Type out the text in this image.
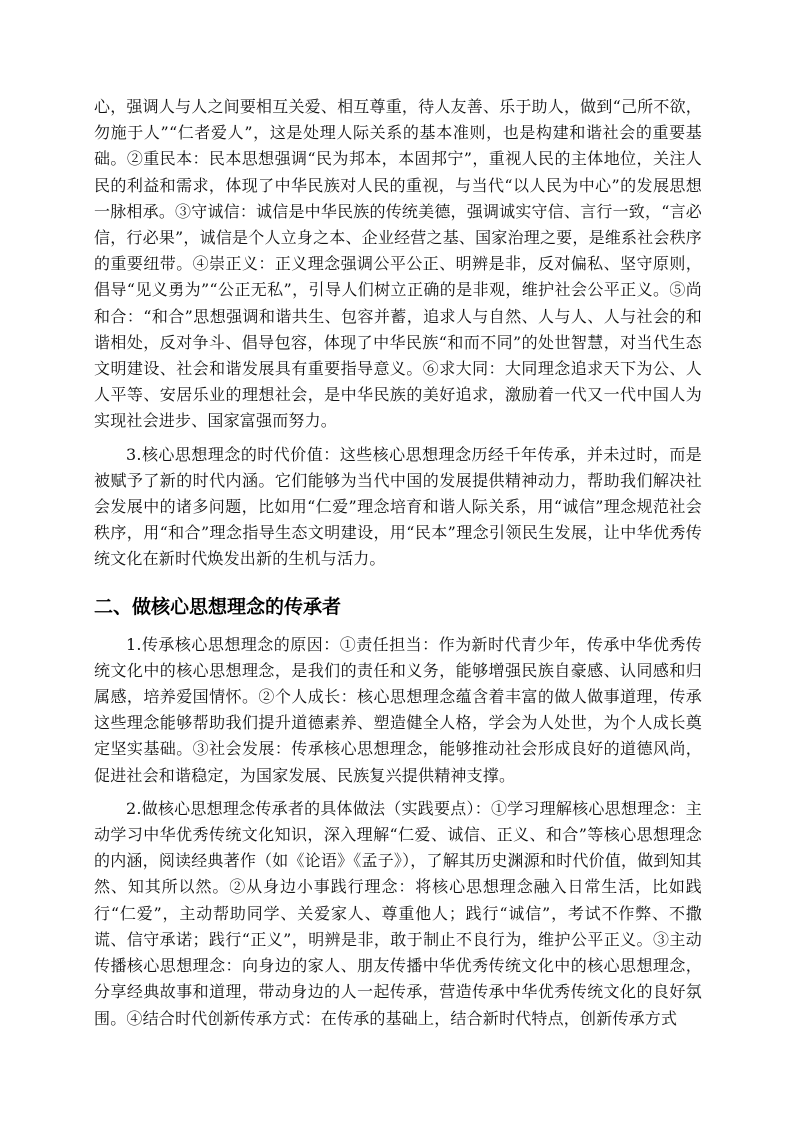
心，强调人与人之间要相互关爱、相互尊重，待人友善、乐于助人，做到“己所不欲，勿施于人”“仁者爱人”，这是处理人际关系的基本准则，也是构建和谐社会的重要基础。②重民本：民本思想强调“民为邦本，本固邦宁”，重视人民的主体地位，关注人民的利益和需求，体现了中华民族对人民的重视，与当代“以人民为中心”的发展思想一脉相承。③守诚信：诚信是中华民族的传统美德，强调诚实守信、言行一致，“言必信，行必果”，诚信是个人立身之本、企业经营之基、国家治理之要，是维系社会秩序的重要纽带。④崇正义：正义理念强调公平公正、明辨是非，反对偏私、坚守原则，倡导“见义勇为”“公正无私”，引导人们树立正确的是非观，维护社会公平正义。⑤尚和合：“和合”思想强调和谐共生、包容并蓄，追求人与自然、人与人、人与社会的和谐相处，反对争斗、倡导包容，体现了中华民族“和而不同”的处世智慧，对当代生态文明建设、社会和谐发展具有重要指导意义。⑥求大同：大同理念追求天下为公、人人平等、安居乐业的理想社会，是中华民族的美好追求，激励着一代又一代中国人为实现社会进步、国家富强而努力。

3.核心思想理念的时代价值：这些核心思想理念历经千年传承，并未过时，而是被赋予了新的时代内涵。它们能够为当代中国的发展提供精神动力，帮助我们解决社会发展中的诸多问题，比如用“仁爱”理念培育和谐人际关系，用“诚信”理念规范社会秩序，用“和合”理念指导生态文明建设，用“民本”理念引领民生发展，让中华优秀传统文化在新时代焕发出新的生机与活力。

二、做核心思想理念的传承者

1.传承核心思想理念的原因：①责任担当：作为新时代青少年，传承中华优秀传统文化中的核心思想理念，是我们的责任和义务，能够增强民族自豪感、认同感和归属感，培养爱国情怀。②个人成长：核心思想理念蕴含着丰富的做人做事道理，传承这些理念能够帮助我们提升道德素养、塑造健全人格，学会为人处世，为个人成长奠定坚实基础。③社会发展：传承核心思想理念，能够推动社会形成良好的道德风尚，促进社会和谐稳定，为国家发展、民族复兴提供精神支撑。

2.做核心思想理念传承者的具体做法（实践要点）：①学习理解核心思想理念：主动学习中华优秀传统文化知识，深入理解“仁爱、诚信、正义、和合”等核心思想理念的内涵，阅读经典著作（如《论语》《孟子》），了解其历史渊源和时代价值，做到知其然、知其所以然。②从身边小事践行理念：将核心思想理念融入日常生活，比如践行“仁爱”，主动帮助同学、关爱家人、尊重他人；践行“诚信”，考试不作弊、不撒谎、信守承诺；践行“正义”，明辨是非，敢于制止不良行为，维护公平正义。③主动传播核心思想理念：向身边的家人、朋友传播中华优秀传统文化中的核心思想理念，分享经典故事和道理，带动身边的人一起传承，营造传承中华优秀传统文化的良好氛围。④结合时代创新传承方式：在传承的基础上，结合新时代特点，创新传承方式
